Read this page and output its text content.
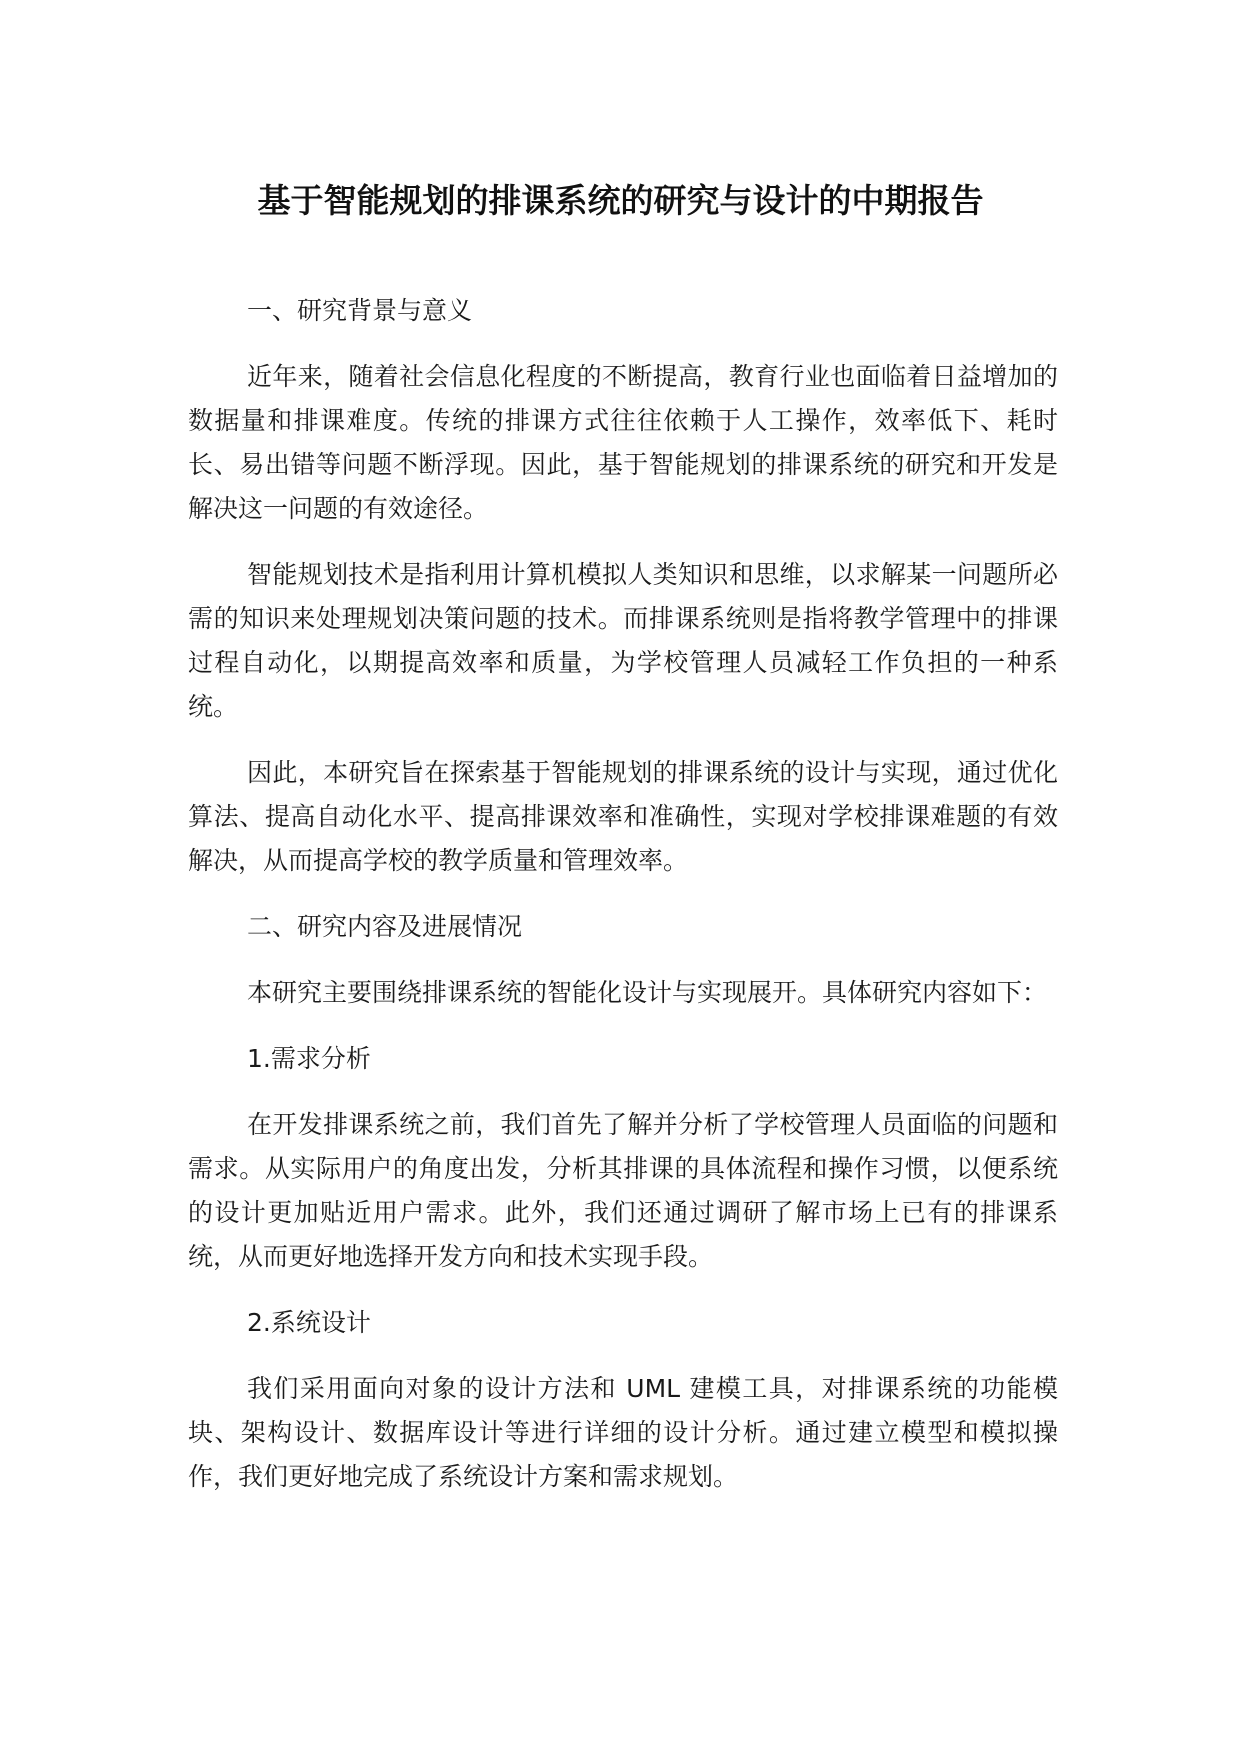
基于智能规划的排课系统的研究与设计的中期报告

一、研究背景与意义

近年来，随着社会信息化程度的不断提高，教育行业也面临着日益增加的数据量和排课难度。传统的排课方式往往依赖于人工操作，效率低下、耗时长、易出错等问题不断浮现。因此，基于智能规划的排课系统的研究和开发是解决这一问题的有效途径。

智能规划技术是指利用计算机模拟人类知识和思维，以求解某一问题所必需的知识来处理规划决策问题的技术。而排课系统则是指将教学管理中的排课过程自动化，以期提高效率和质量，为学校管理人员减轻工作负担的一种系统。

因此，本研究旨在探索基于智能规划的排课系统的设计与实现，通过优化算法、提高自动化水平、提高排课效率和准确性，实现对学校排课难题的有效解决，从而提高学校的教学质量和管理效率。

二、研究内容及进展情况

本研究主要围绕排课系统的智能化设计与实现展开。具体研究内容如下：

1.需求分析

在开发排课系统之前，我们首先了解并分析了学校管理人员面临的问题和需求。从实际用户的角度出发，分析其排课的具体流程和操作习惯，以便系统的设计更加贴近用户需求。此外，我们还通过调研了解市场上已有的排课系统，从而更好地选择开发方向和技术实现手段。

2.系统设计

我们采用面向对象的设计方法和 UML 建模工具，对排课系统的功能模块、架构设计、数据库设计等进行详细的设计分析。通过建立模型和模拟操作，我们更好地完成了系统设计方案和需求规划。
